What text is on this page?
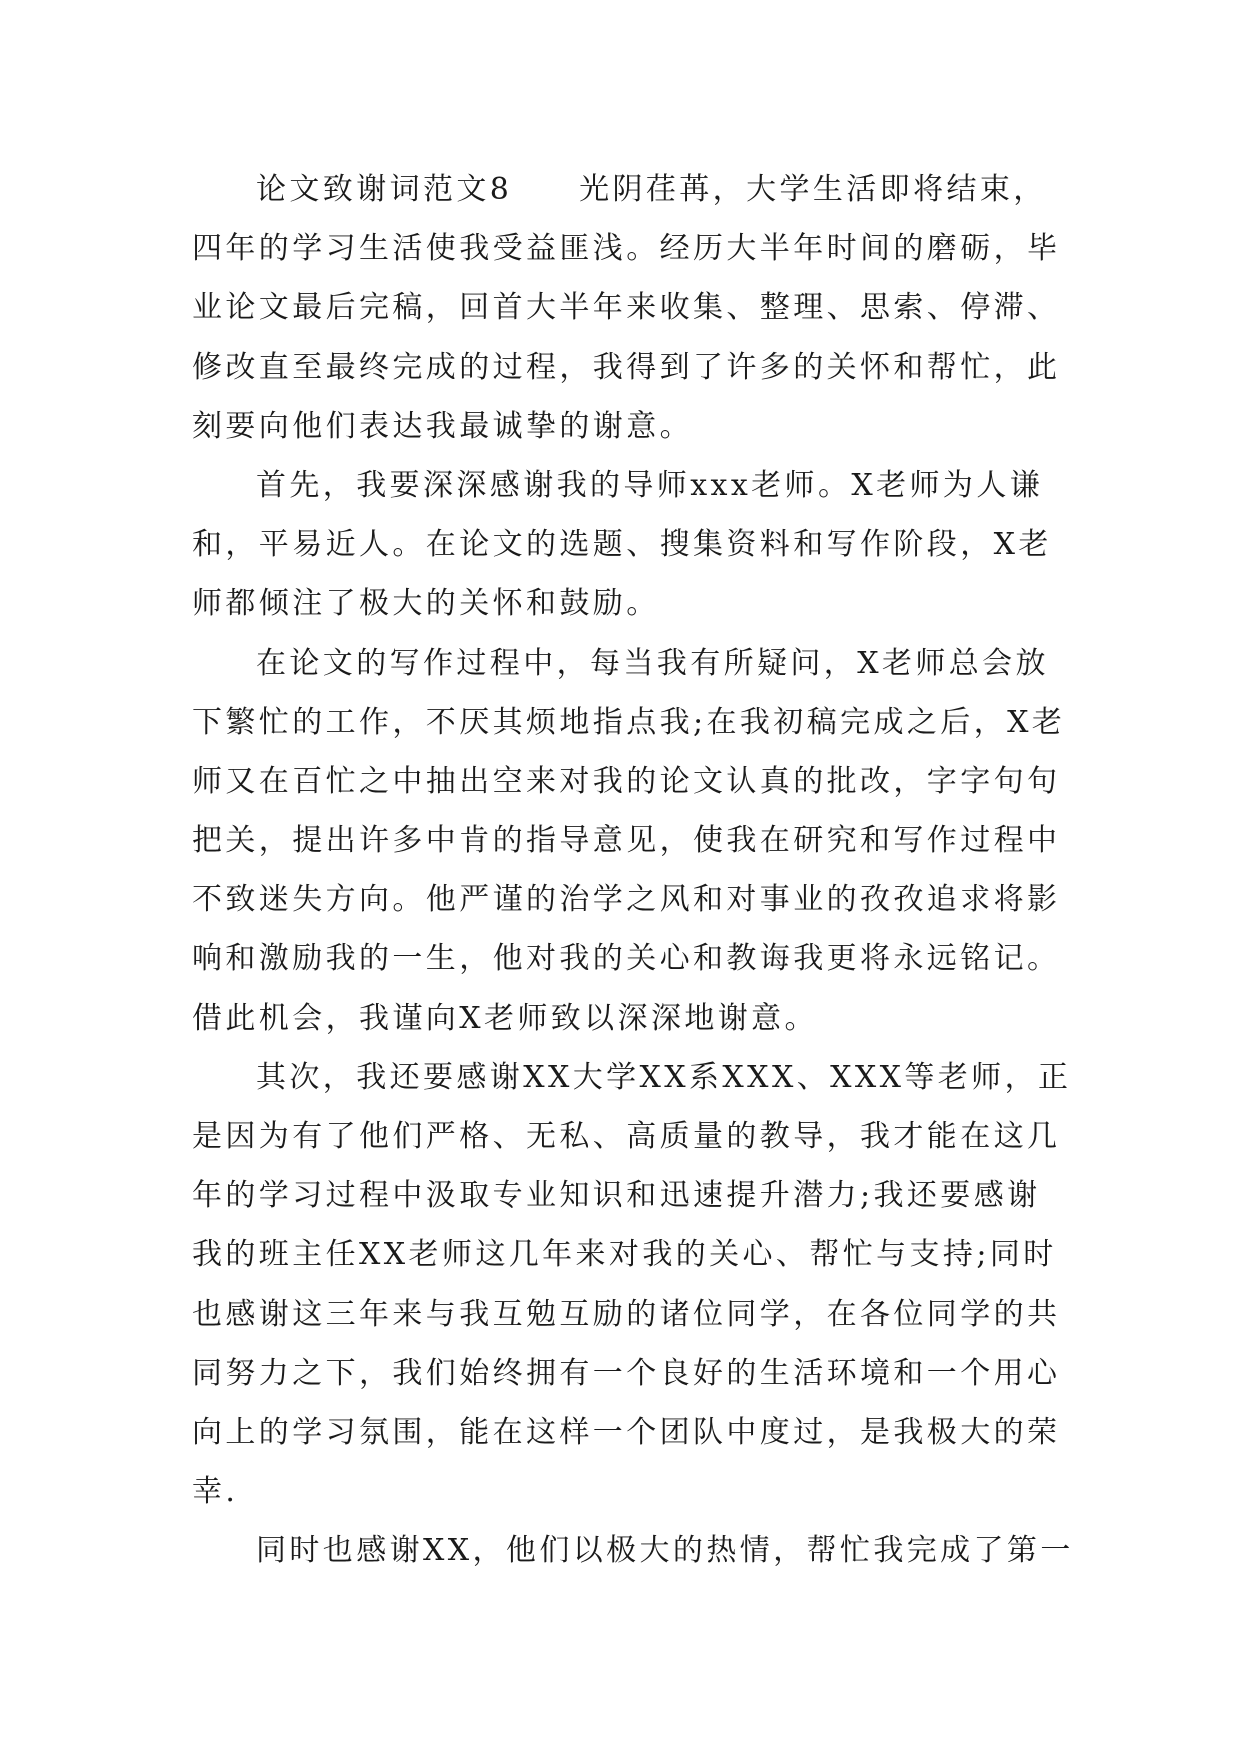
论文致谢词范文8　　光阴荏苒，大学生活即将结束，
四年的学习生活使我受益匪浅。经历大半年时间的磨砺，毕
业论文最后完稿，回首大半年来收集、整理、思索、停滞、
修改直至最终完成的过程，我得到了许多的关怀和帮忙，此
刻要向他们表达我最诚挚的谢意。
首先，我要深深感谢我的导师xxx老师。X老师为人谦
和，平易近人。在论文的选题、搜集资料和写作阶段，X老
师都倾注了极大的关怀和鼓励。
在论文的写作过程中，每当我有所疑问，X老师总会放
下繁忙的工作，不厌其烦地指点我;在我初稿完成之后，X老
师又在百忙之中抽出空来对我的论文认真的批改，字字句句
把关，提出许多中肯的指导意见，使我在研究和写作过程中
不致迷失方向。他严谨的治学之风和对事业的孜孜追求将影
响和激励我的一生，他对我的关心和教诲我更将永远铭记。
借此机会，我谨向X老师致以深深地谢意。
其次，我还要感谢XX大学XX系XXX、XXX等老师，正
是因为有了他们严格、无私、高质量的教导，我才能在这几
年的学习过程中汲取专业知识和迅速提升潜力;我还要感谢
我的班主任XX老师这几年来对我的关心、帮忙与支持;同时
也感谢这三年来与我互勉互励的诸位同学，在各位同学的共
同努力之下，我们始终拥有一个良好的生活环境和一个用心
向上的学习氛围，能在这样一个团队中度过，是我极大的荣
幸.
同时也感谢XX，他们以极大的热情，帮忙我完成了第一
